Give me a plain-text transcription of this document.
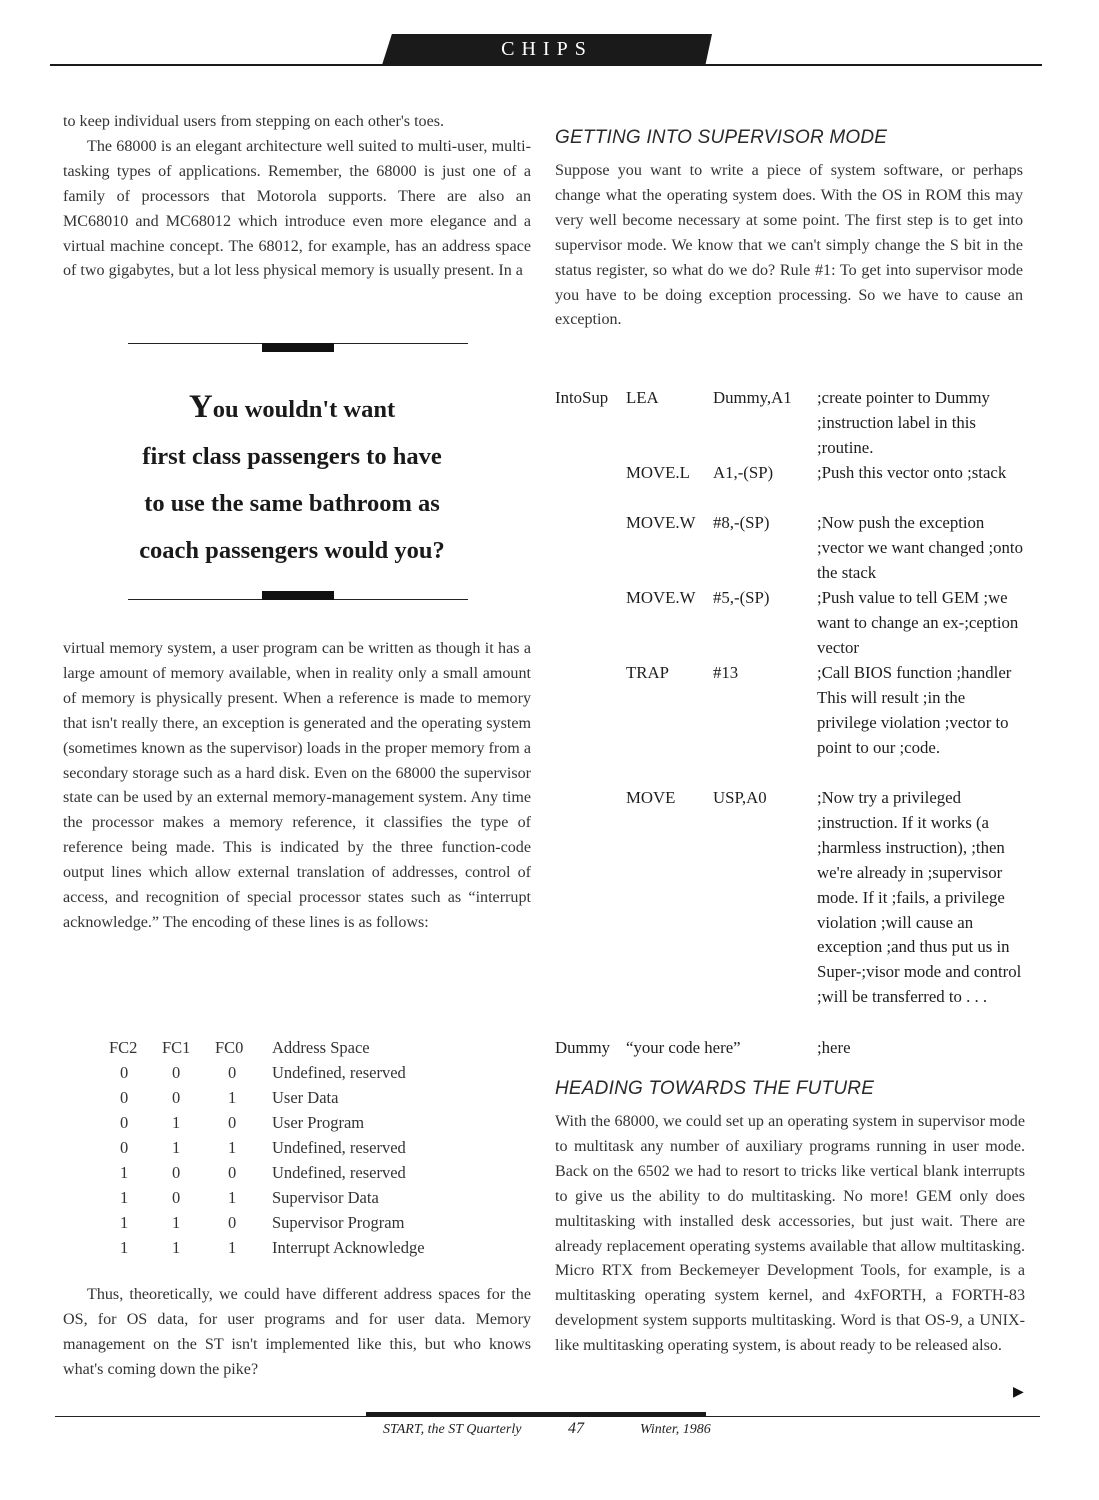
CHIPS

to keep individual users from stepping on each other's toes.

The 68000 is an elegant architecture well suited to multi-user, multi-tasking types of applications. Remember, the 68000 is just one of a family of processors that Motorola supports. There are also an MC68010 and MC68012 which introduce even more elegance and a virtual machine concept. The 68012, for example, has an address space of two gigabytes, but a lot less physical memory is usually present. In a

You wouldn't want
first class passengers to have
to use the same bathroom as
coach passengers would you?

virtual memory system, a user program can be written as though it has a large amount of memory available, when in reality only a small amount of memory is physically present. When a reference is made to memory that isn't really there, an exception is generated and the operating system (sometimes known as the supervisor) loads in the proper memory from a secondary storage such as a hard disk. Even on the 68000 the supervisor state can be used by an external memory-management system. Any time the processor makes a memory reference, it classifies the type of reference being made. This is indicated by the three function-code output lines which allow external translation of addresses, control of access, and recognition of special processor states such as “interrupt acknowledge.” The encoding of these lines is as follows:

FC2 FC1 FC0 Address Space
0	0	0 Undefined, reserved
0	0	1 User Data
0	1	0 User Program
0	1	1 Undefined, reserved
1	0	0 Undefined, reserved
1	0	1 Supervisor Data
1	1	0 Supervisor Program
1	1	1 Interrupt Acknowledge

Thus, theoretically, we could have different address spaces for the OS, for OS data, for user programs and for user data. Memory management on the ST isn't implemented like this, but who knows what's coming down the pike?

GETTING INTO SUPERVISOR MODE

Suppose you want to write a piece of system software, or perhaps change what the operating system does. With the OS in ROM this may very well become necessary at some point. The first step is to get into supervisor mode. We know that we can't simply change the S bit in the status register, so what do we do? Rule #1: To get into supervisor mode you have to be doing exception processing. So we have to cause an exception.

IntoSup LEA	Dummy,A1 ;create pointer to Dummy ;instruction label in this ;routine.
MOVE.L A1,-(SP)	;Push this vector onto ;stack
MOVE.W #8,-(SP)	;Now push the exception ;vector we want changed ;onto the stack
MOVE.W #5,-(SP)	;Push value to tell GEM ;we want to change an ex-;ception vector
TRAP	#13	;Call BIOS function ;handler This will result ;in the privilege violation ;vector to point to our ;code.
MOVE USP,A0	;Now try a privileged ;instruction. If it works (a ;harmless instruction), ;then we're already in ;supervisor mode. If it ;fails, a privilege violation ;will cause an exception ;and thus put us in Super-;visor mode and control ;will be transferred to . . .
Dummy “your code here”	;here
HEADING TOWARDS THE FUTURE

With the 68000, we could set up an operating system in supervisor mode to multitask any number of auxiliary programs running in user mode. Back on the 6502 we had to resort to tricks like vertical blank interrupts to give us the ability to do multitasking. No more! GEM only does multitasking with installed desk accessories, but just wait. There are already replacement operating systems available that allow multitasking. Micro RTX from Beckemeyer Development Tools, for example, is a multitasking operating system kernel, and 4xFORTH, a FORTH-83 development system supports multitasking. Word is that OS-9, a UNIX-like multitasking operating system, is about ready to be released also.

▶
START, the ST Quarterly	47	Winter, 1986
